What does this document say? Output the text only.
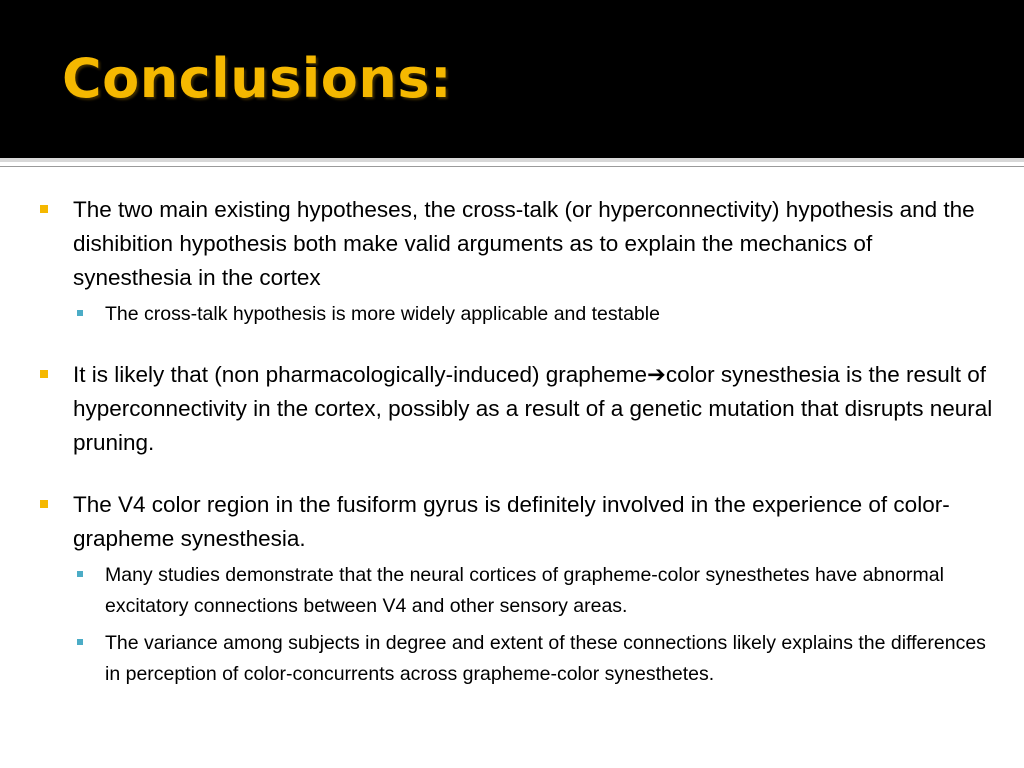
Conclusions:
The two main existing hypotheses, the cross-talk (or hyperconnectivity) hypothesis and the dishibition hypothesis both make valid arguments as to explain the mechanics of synesthesia in the cortex
The cross-talk hypothesis is more widely applicable and testable
It is likely that (non pharmacologically-induced) grapheme➔color synesthesia is the result of hyperconnectivity in the cortex, possibly as a result of a genetic mutation that disrupts neural pruning.
The V4 color region in the fusiform gyrus is definitely involved in the experience of color-grapheme synesthesia.
Many studies demonstrate that the neural cortices of grapheme-color synesthetes have abnormal excitatory connections between V4 and other sensory areas.
The variance among subjects in degree and extent of these connections likely explains the differences in perception of color-concurrents across grapheme-color synesthetes.
